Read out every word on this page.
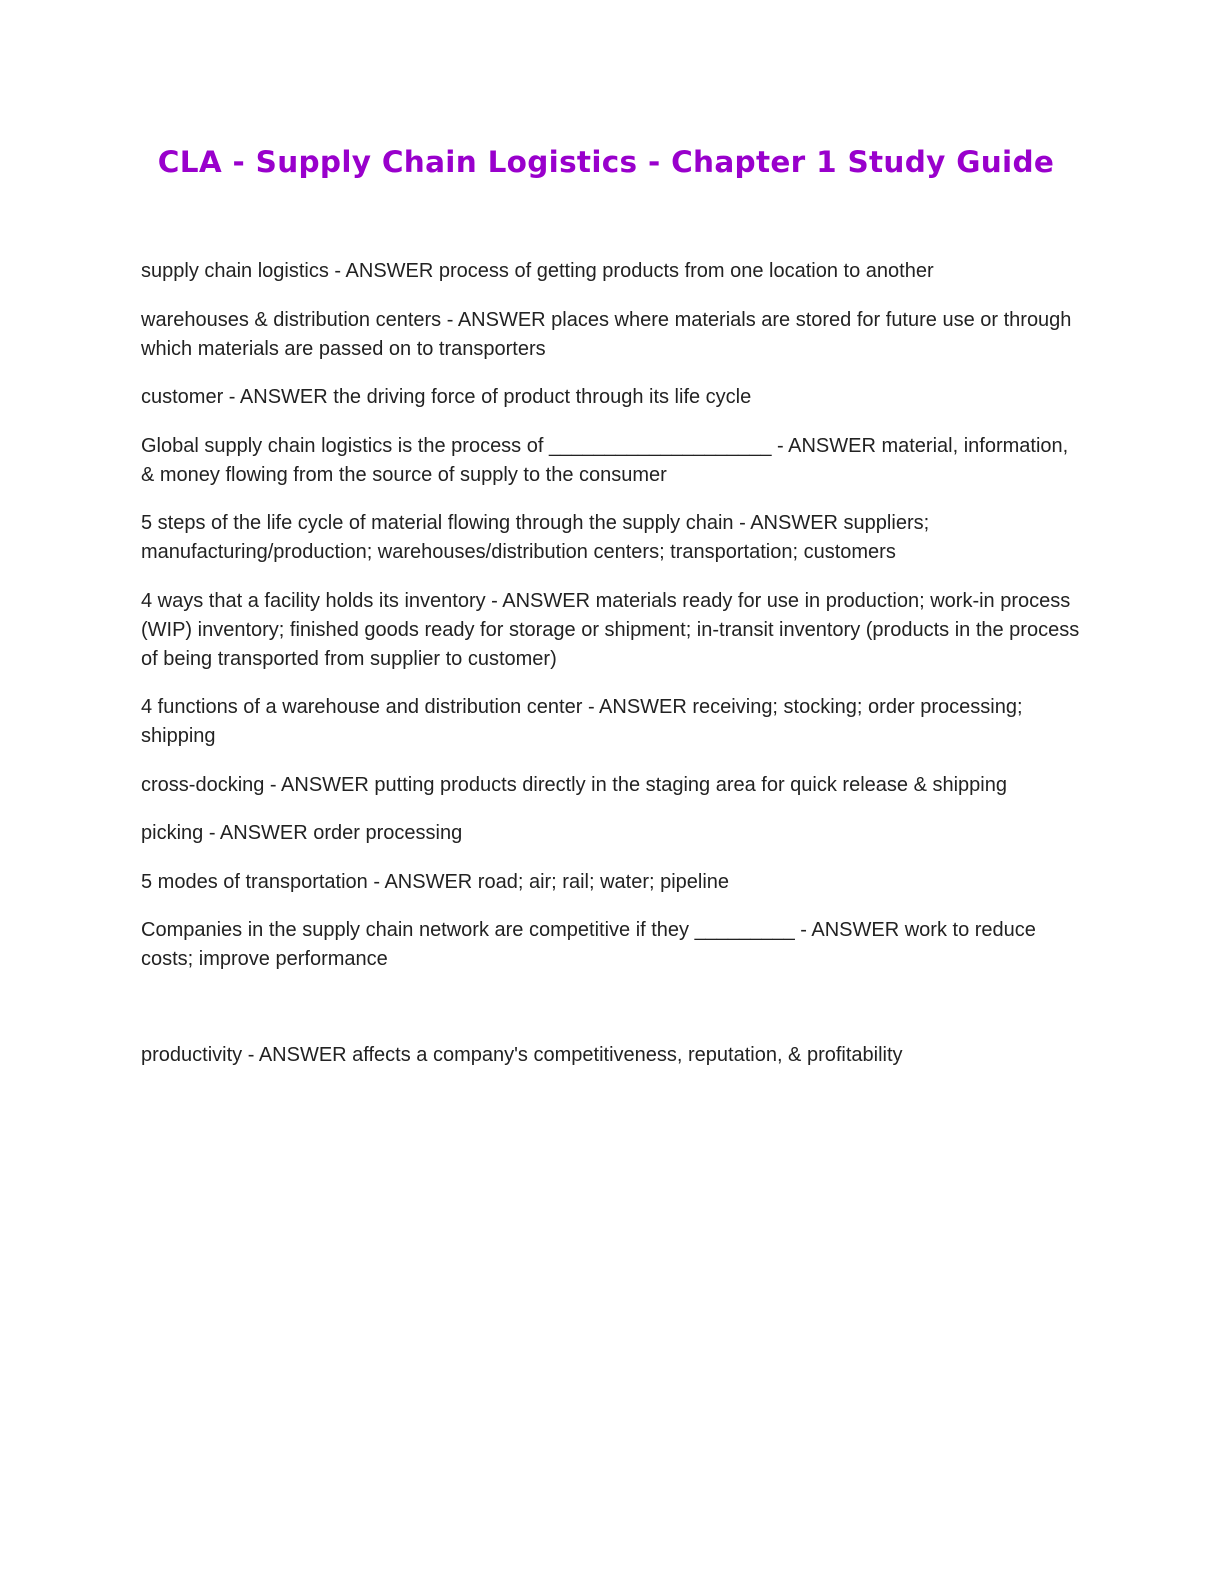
CLA - Supply Chain Logistics - Chapter 1 Study Guide

supply chain logistics - ANSWER process of getting products from one location to another

warehouses & distribution centers - ANSWER places where materials are stored for future use or through which materials are passed on to transporters

customer - ANSWER the driving force of product through its life cycle

Global supply chain logistics is the process of ____________________ - ANSWER material, information, & money flowing from the source of supply to the consumer

5 steps of the life cycle of material flowing through the supply chain - ANSWER suppliers; manufacturing/production; warehouses/distribution centers; transportation; customers

4 ways that a facility holds its inventory - ANSWER materials ready for use in production; work-in process (WIP) inventory; finished goods ready for storage or shipment; in-transit inventory (products in the process of being transported from supplier to customer)

4 functions of a warehouse and distribution center - ANSWER receiving; stocking; order processing; shipping

cross-docking - ANSWER putting products directly in the staging area for quick release & shipping

picking - ANSWER order processing

5 modes of transportation - ANSWER road; air; rail; water; pipeline

Companies in the supply chain network are competitive if they _________ - ANSWER work to reduce costs; improve performance

productivity - ANSWER affects a company's competitiveness, reputation, & profitability
